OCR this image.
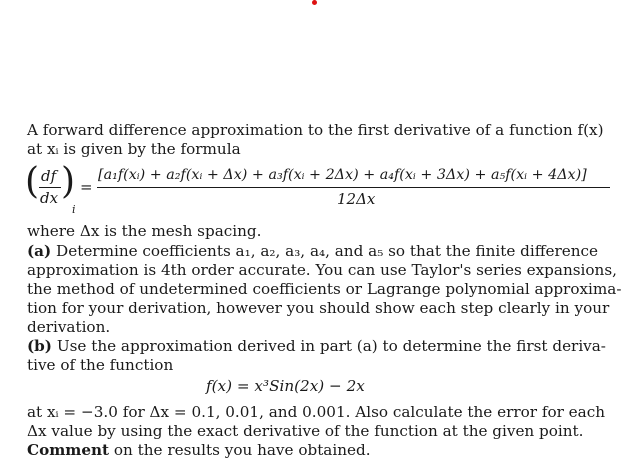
A forward difference approximation to the first derivative of a function f(x)
at xᵢ is given by the formula
( df
dx )
i
=
[a₁f(xᵢ) + a₂f(xᵢ + Δx) + a₃f(xᵢ + 2Δx) + a₄f(xᵢ + 3Δx) + a₅f(xᵢ + 4Δx)]
12Δx
where Δx is the mesh spacing.
(a) Determine coefficients a₁, a₂, a₃, a₄, and a₅ so that the finite difference
approximation is 4th order accurate. You can use Taylor's series expansions,
the method of undetermined coefficients or Lagrange polynomial approxima-
tion for your derivation, however you should show each step clearly in your
derivation.
(b) Use the approximation derived in part (a) to determine the first deriva-
tive of the function
f(x) = x³Sin(2x) − 2x
at xᵢ = −3.0 for Δx = 0.1, 0.01, and 0.001. Also calculate the error for each
Δx value by using the exact derivative of the function at the given point.
Comment on the results you have obtained.
